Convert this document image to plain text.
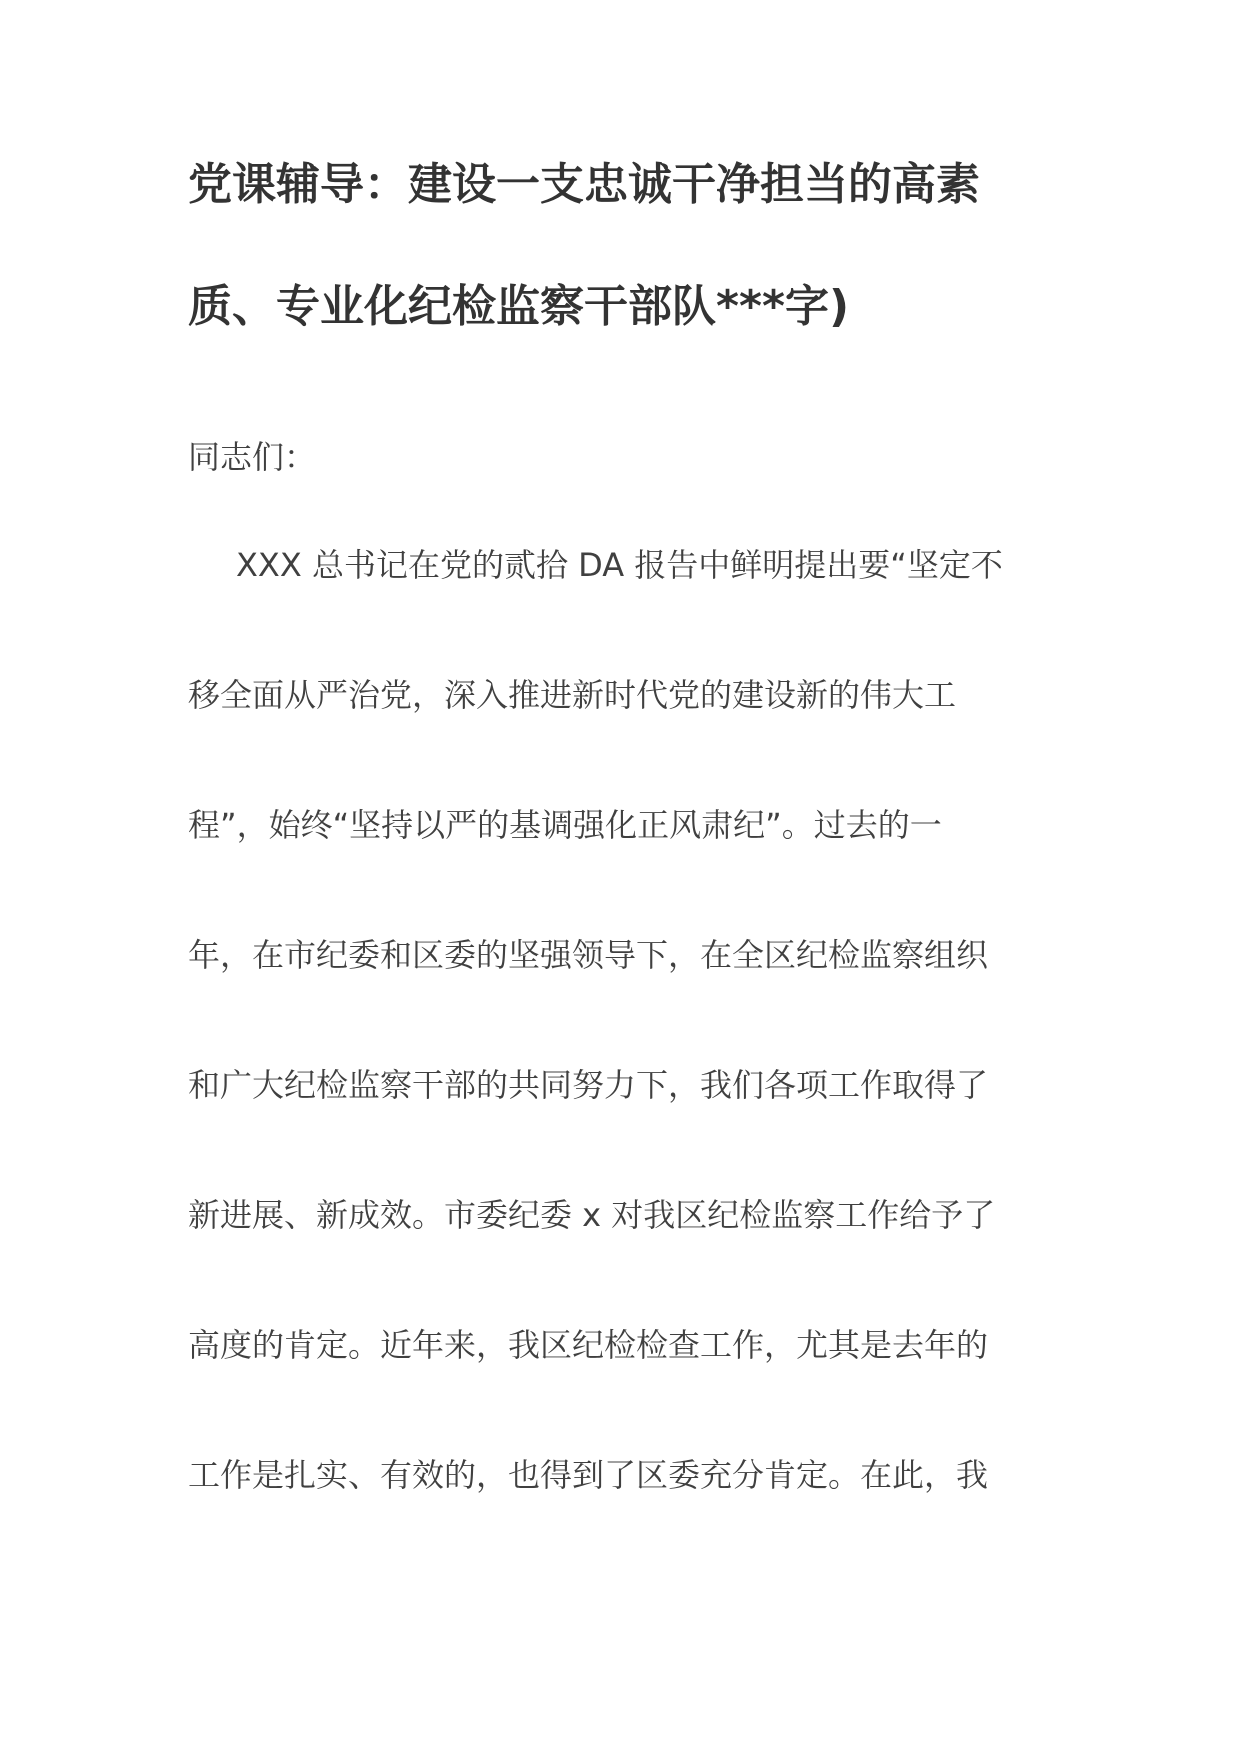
党课辅导：建设一支忠诚干净担当的高素
质、专业化纪检监察干部队***字)
同志们：
XXX 总书记在党的贰拾 DA 报告中鲜明提出要“坚定不
移全面从严治党，深入推进新时代党的建设新的伟大工
程”，始终“坚持以严的基调强化正风肃纪”。过去的一
年，在市纪委和区委的坚强领导下，在全区纪检监察组织
和广大纪检监察干部的共同努力下，我们各项工作取得了
新进展、新成效。市委纪委 x 对我区纪检监察工作给予了
高度的肯定。近年来，我区纪检检查工作，尤其是去年的
工作是扎实、有效的，也得到了区委充分肯定。在此，我
